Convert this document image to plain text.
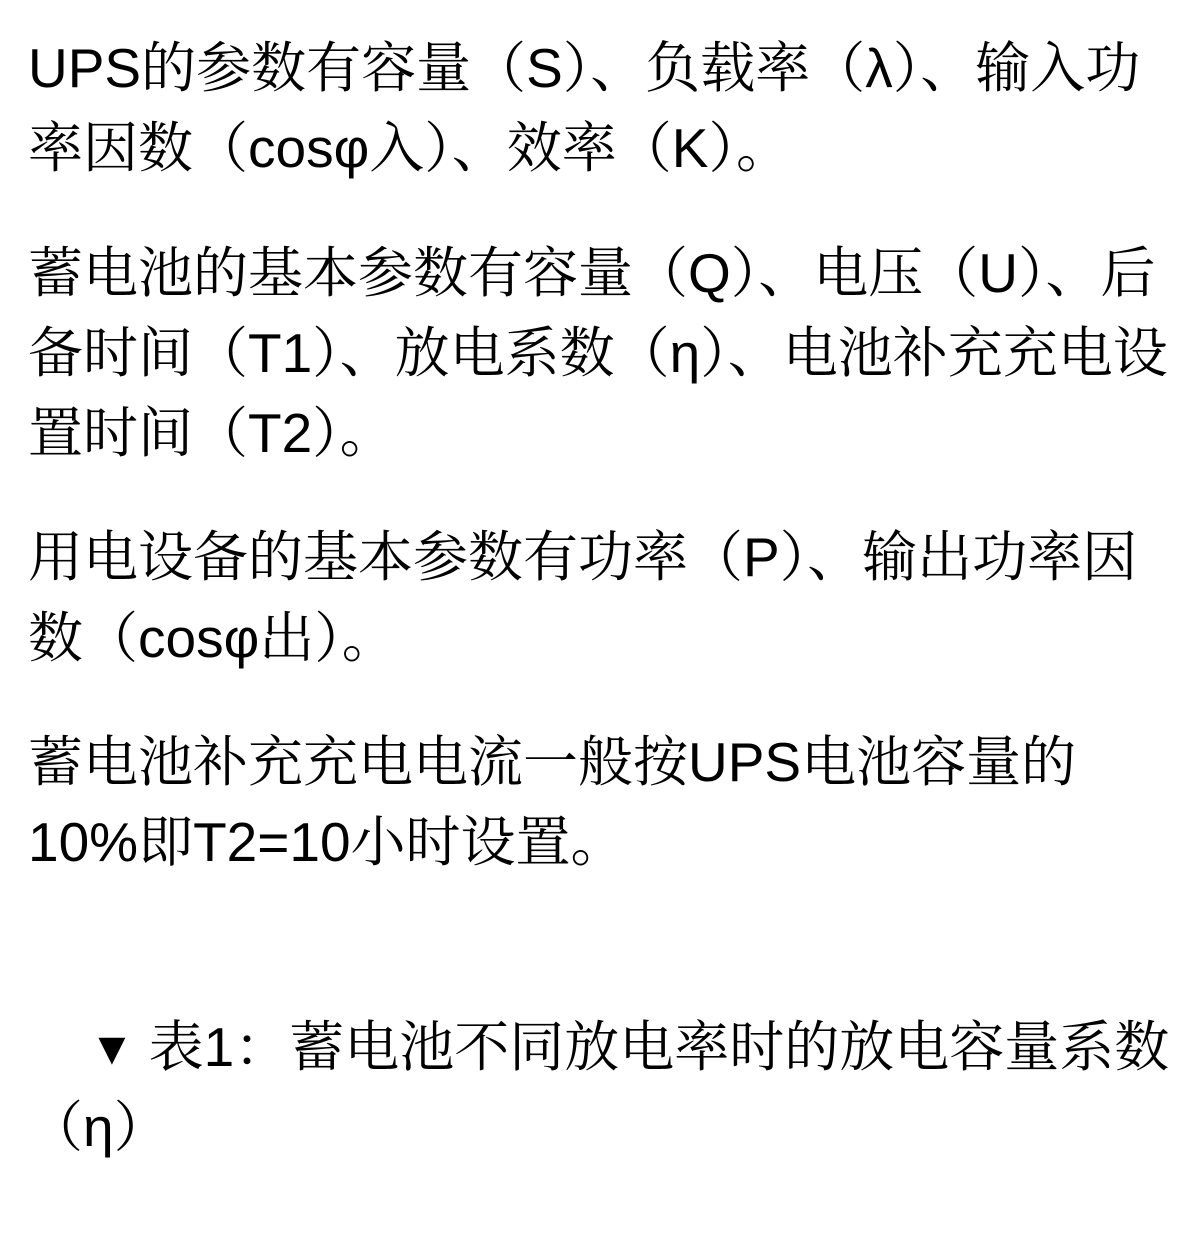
UPS的参数有容量（S）、负载率（λ）、输入功率因数（cosφ入）、效率（K）。

蓄电池的基本参数有容量（Q）、电压（U）、后备时间（T1）、放电系数（η）、电池补充充电设置时间（T2）。

用电设备的基本参数有功率（P）、输出功率因数（cosφ出）。

蓄电池补充充电电流一般按UPS电池容量的10%即T2=10小时设置。

▼ 表1：蓄电池不同放电率时的放电容量系数（η）
